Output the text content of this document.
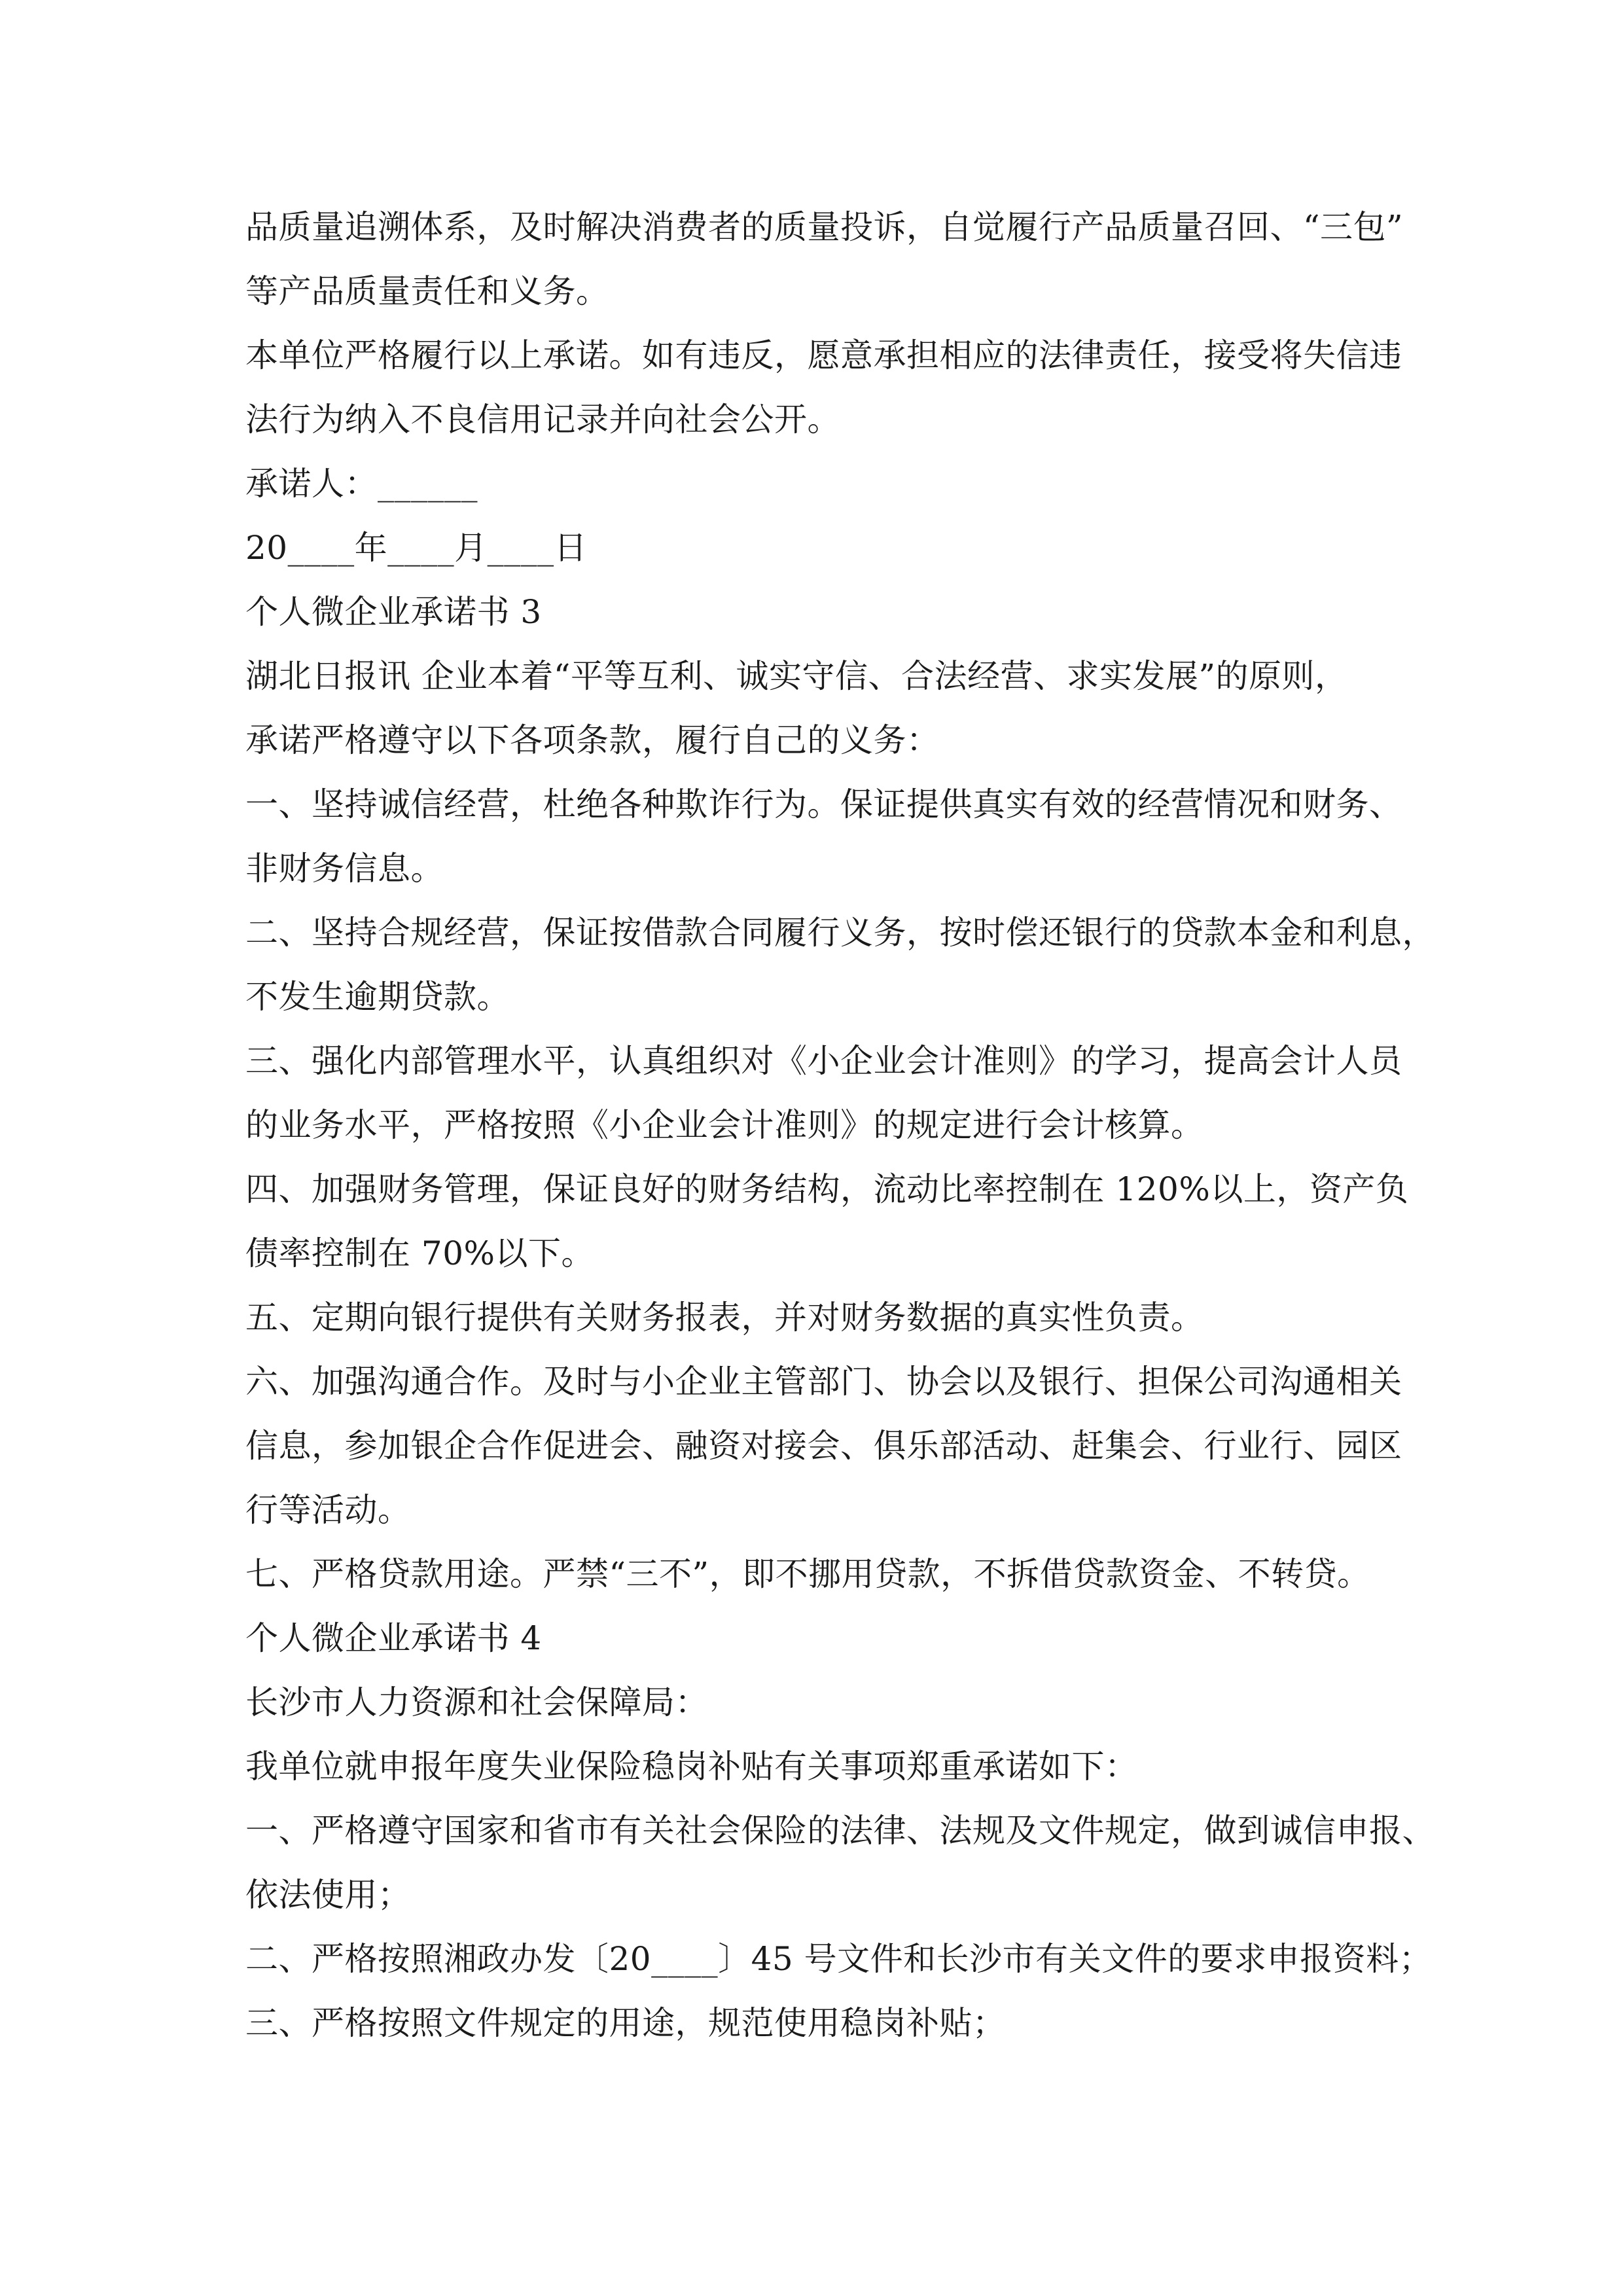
品质量追溯体系，及时解决消费者的质量投诉，自觉履行产品质量召回、“三包”
等产品质量责任和义务。
本单位严格履行以上承诺。如有违反，愿意承担相应的法律责任，接受将失信违
法行为纳入不良信用记录并向社会公开。
承诺人：______
20____年____月____日
个人微企业承诺书 3
湖北日报讯 企业本着“平等互利、诚实守信、合法经营、求实发展”的原则，
承诺严格遵守以下各项条款，履行自己的义务：
一、坚持诚信经营，杜绝各种欺诈行为。保证提供真实有效的经营情况和财务、
非财务信息。
二、坚持合规经营，保证按借款合同履行义务，按时偿还银行的贷款本金和利息，
不发生逾期贷款。
三、强化内部管理水平，认真组织对《小企业会计准则》的学习，提高会计人员
的业务水平，严格按照《小企业会计准则》的规定进行会计核算。
四、加强财务管理，保证良好的财务结构，流动比率控制在 120%以上，资产负
债率控制在 70%以下。
五、定期向银行提供有关财务报表，并对财务数据的真实性负责。
六、加强沟通合作。及时与小企业主管部门、协会以及银行、担保公司沟通相关
信息，参加银企合作促进会、融资对接会、俱乐部活动、赶集会、行业行、园区
行等活动。
七、严格贷款用途。严禁“三不”，即不挪用贷款，不拆借贷款资金、不转贷。
个人微企业承诺书 4
长沙市人力资源和社会保障局：
我单位就申报年度失业保险稳岗补贴有关事项郑重承诺如下：
一、严格遵守国家和省市有关社会保险的法律、法规及文件规定，做到诚信申报、
依法使用；
二、严格按照湘政办发〔20____〕45 号文件和长沙市有关文件的要求申报资料；
三、严格按照文件规定的用途，规范使用稳岗补贴；
